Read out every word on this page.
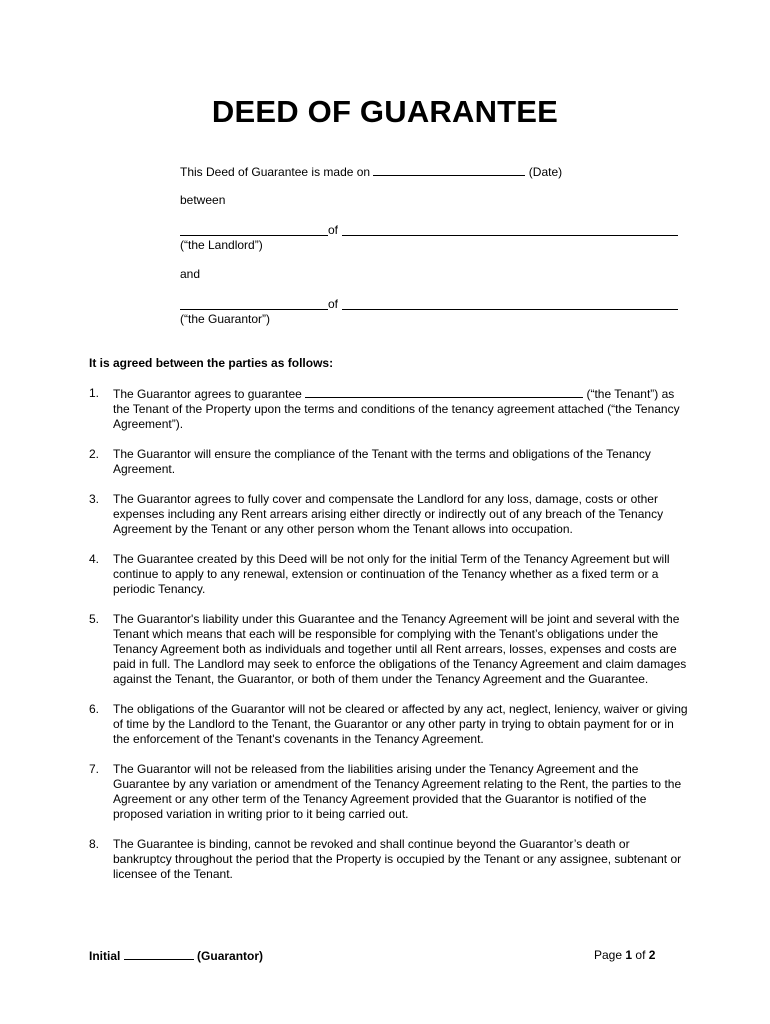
DEED OF GUARANTEE
This Deed of Guarantee is made on	(Date)
between
of
(“the Landlord”)
and
of
(“the Guarantor”)
It is agreed between the parties as follows:
1. The Guarantor agrees to guarantee	(“the Tenant”) as the Tenant of the Property upon the terms and conditions of the tenancy agreement attached (“the Tenancy Agreement”).
2. The Guarantor will ensure the compliance of the Tenant with the terms and obligations of the Tenancy Agreement.
3. The Guarantor agrees to fully cover and compensate the Landlord for any loss, damage, costs or other expenses including any Rent arrears arising either directly or indirectly out of any breach of the Tenancy Agreement by the Tenant or any other person whom the Tenant allows into occupation.
4. The Guarantee created by this Deed will be not only for the initial Term of the Tenancy Agreement but will continue to apply to any renewal, extension or continuation of the Tenancy whether as a fixed term or a periodic Tenancy.
5. The Guarantor's liability under this Guarantee and the Tenancy Agreement will be joint and several with the Tenant which means that each will be responsible for complying with the Tenant’s obligations under the Tenancy Agreement both as individuals and together until all Rent arrears, losses, expenses and costs are paid in full. The Landlord may seek to enforce the obligations of the Tenancy Agreement and claim damages against the Tenant, the Guarantor, or both of them under the Tenancy Agreement and the Guarantee.
6. The obligations of the Guarantor will not be cleared or affected by any act, neglect, leniency, waiver or giving of time by the Landlord to the Tenant, the Guarantor or any other party in trying to obtain payment for or in the enforcement of the Tenant's covenants in the Tenancy Agreement.
7. The Guarantor will not be released from the liabilities arising under the Tenancy Agreement and the Guarantee by any variation or amendment of the Tenancy Agreement relating to the Rent, the parties to the Agreement or any other term of the Tenancy Agreement provided that the Guarantor is notified of the proposed variation in writing prior to it being carried out.
8. The Guarantee is binding, cannot be revoked and shall continue beyond the Guarantor’s death or bankruptcy throughout the period that the Property is occupied by the Tenant or any assignee, subtenant or licensee of the Tenant.
Initial	(Guarantor)	Page 1 of 2
